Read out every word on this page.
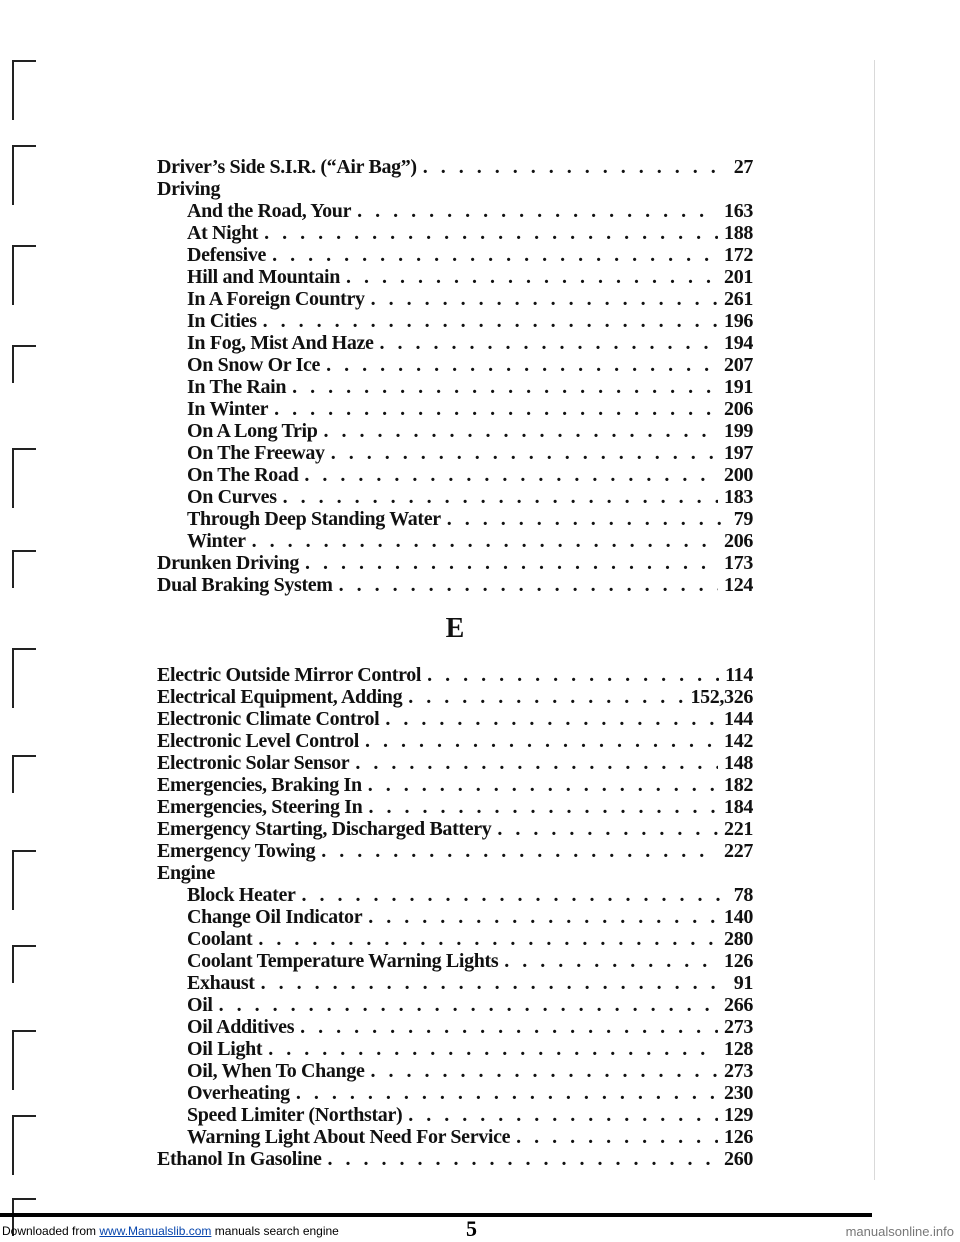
Driver’s Side S.I.R. (“Air Bag”) . . .	27
Driving
And the Road, Your . . .	163
At Night . . .	188
Defensive . . .	172
Hill and Mountain . . .	201
In A Foreign Country . . .	261
In Cities . . .	196
In Fog, Mist And Haze . . .	194
On Snow Or Ice . . .	207
In The Rain . . .	191
In Winter . . .	206
On A Long Trip . . .	199
On The Freeway . . .	197
On The Road . . .	200
On Curves . . .	183
Through Deep Standing Water . . .	79
Winter . . .	206
Drunken Driving . . .	173
Dual Braking System . . .	124
E
Electric Outside Mirror Control . . .	114
Electrical Equipment, Adding . . .	152,326
Electronic Climate Control . . .	144
Electronic Level Control . . .	142
Electronic Solar Sensor . . .	148
Emergencies, Braking In . . .	182
Emergencies, Steering In . . .	184
Emergency Starting, Discharged Battery . . .	221
Emergency Towing . . .	227
Engine
Block Heater . . .	78
Change Oil Indicator . . .	140
Coolant . . .	280
Coolant Temperature Warning Lights . . .	126
Exhaust . . .	91
Oil . . .	266
Oil Additives . . .	273
Oil Light . . .	128
Oil, When To Change . . .	273
Overheating . . .	230
Speed Limiter (Northstar) . . .	129
Warning Light About Need For Service . . .	126
Ethanol In Gasoline . . .	260
Downloaded from www.Manualslib.com manuals search engine	5	manualsonline.info
